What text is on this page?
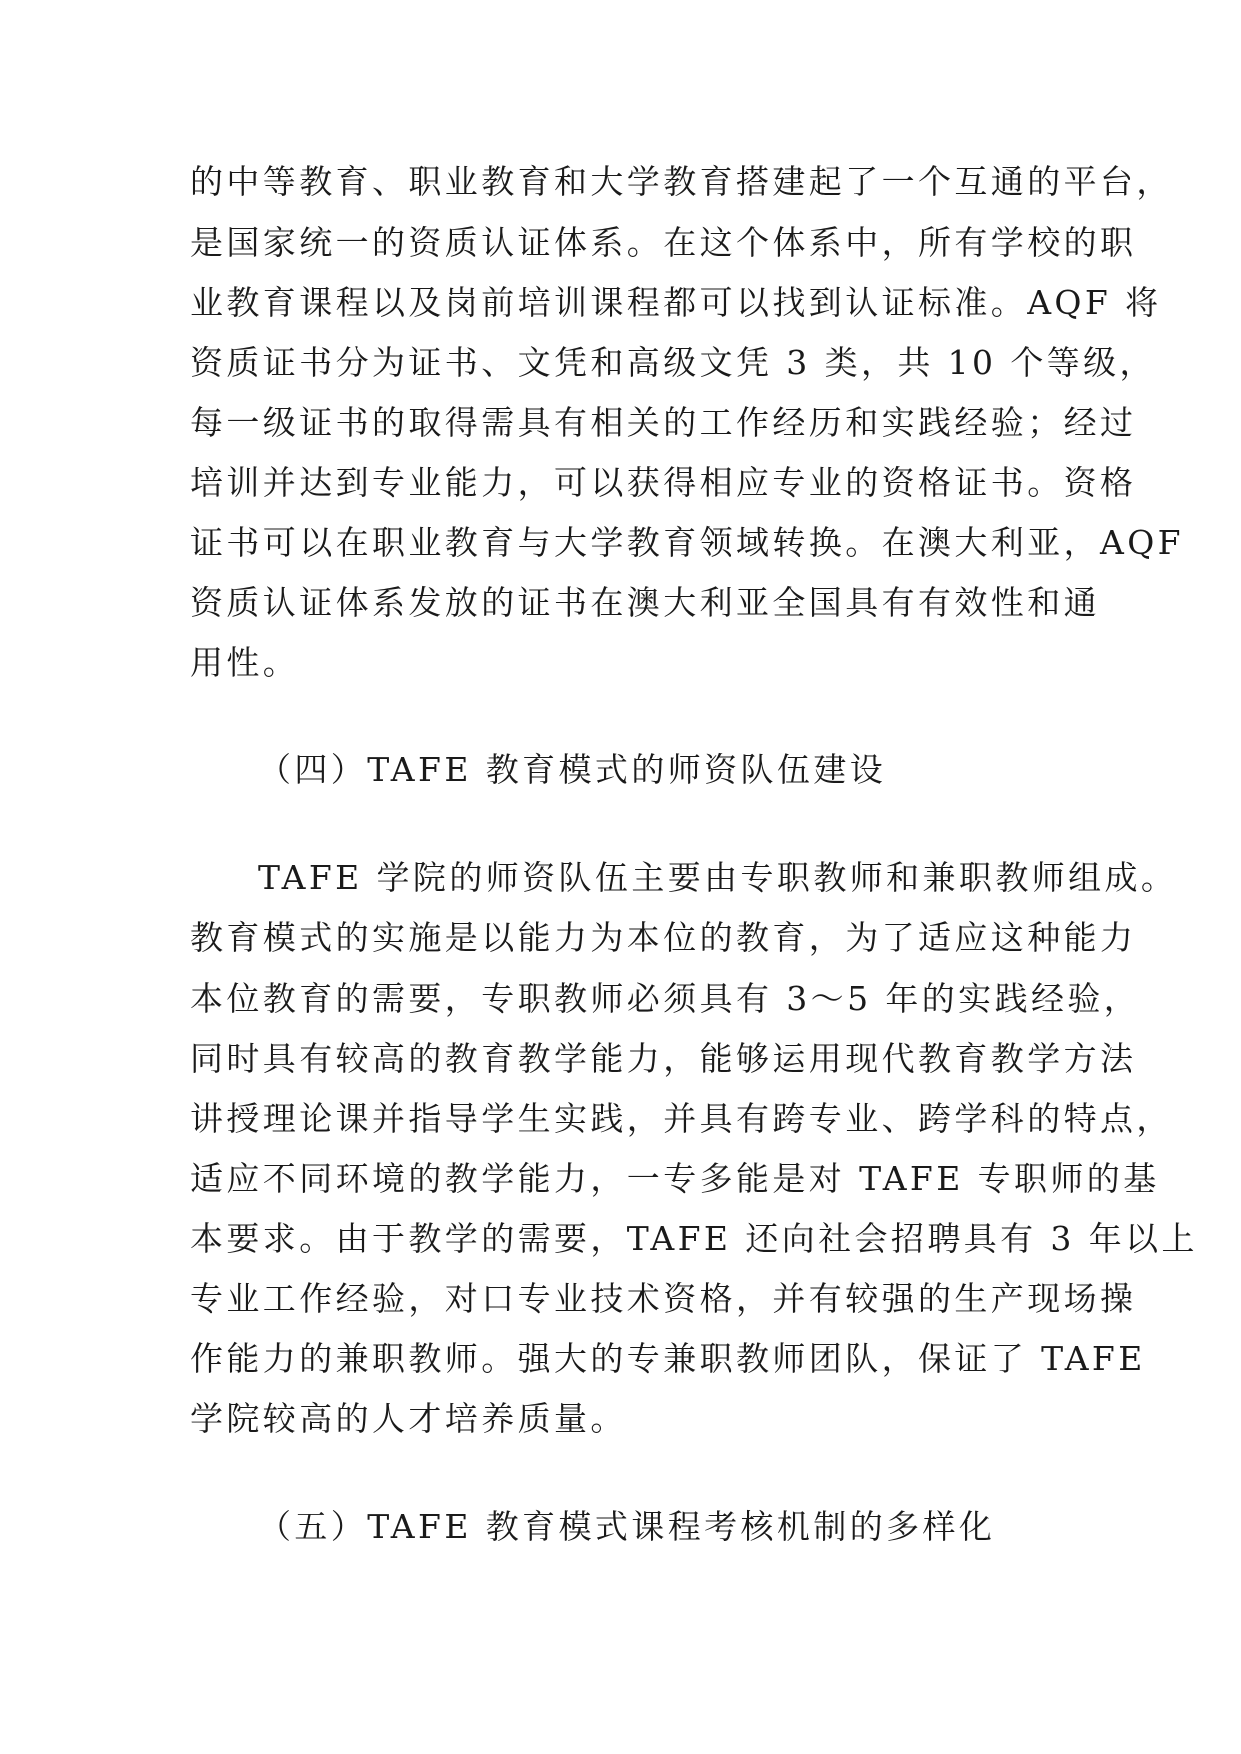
的中等教育、职业教育和大学教育搭建起了一个互通的平台，
是国家统一的资质认证体系。在这个体系中，所有学校的职
业教育课程以及岗前培训课程都可以找到认证标准。AQF 将
资质证书分为证书、文凭和高级文凭 3 类，共 10 个等级，
每一级证书的取得需具有相关的工作经历和实践经验；经过
培训并达到专业能力，可以获得相应专业的资格证书。资格
证书可以在职业教育与大学教育领域转换。在澳大利亚，AQF
资质认证体系发放的证书在澳大利亚全国具有有效性和通
用性。
（四）TAFE 教育模式的师资队伍建设
TAFE 学院的师资队伍主要由专职教师和兼职教师组成。
教育模式的实施是以能力为本位的教育，为了适应这种能力
本位教育的需要，专职教师必须具有 3～5 年的实践经验，
同时具有较高的教育教学能力，能够运用现代教育教学方法
讲授理论课并指导学生实践，并具有跨专业、跨学科的特点，
适应不同环境的教学能力，一专多能是对 TAFE 专职师的基
本要求。由于教学的需要，TAFE 还向社会招聘具有 3 年以上
专业工作经验，对口专业技术资格，并有较强的生产现场操
作能力的兼职教师。强大的专兼职教师团队，保证了 TAFE
学院较高的人才培养质量。
（五）TAFE 教育模式课程考核机制的多样化
